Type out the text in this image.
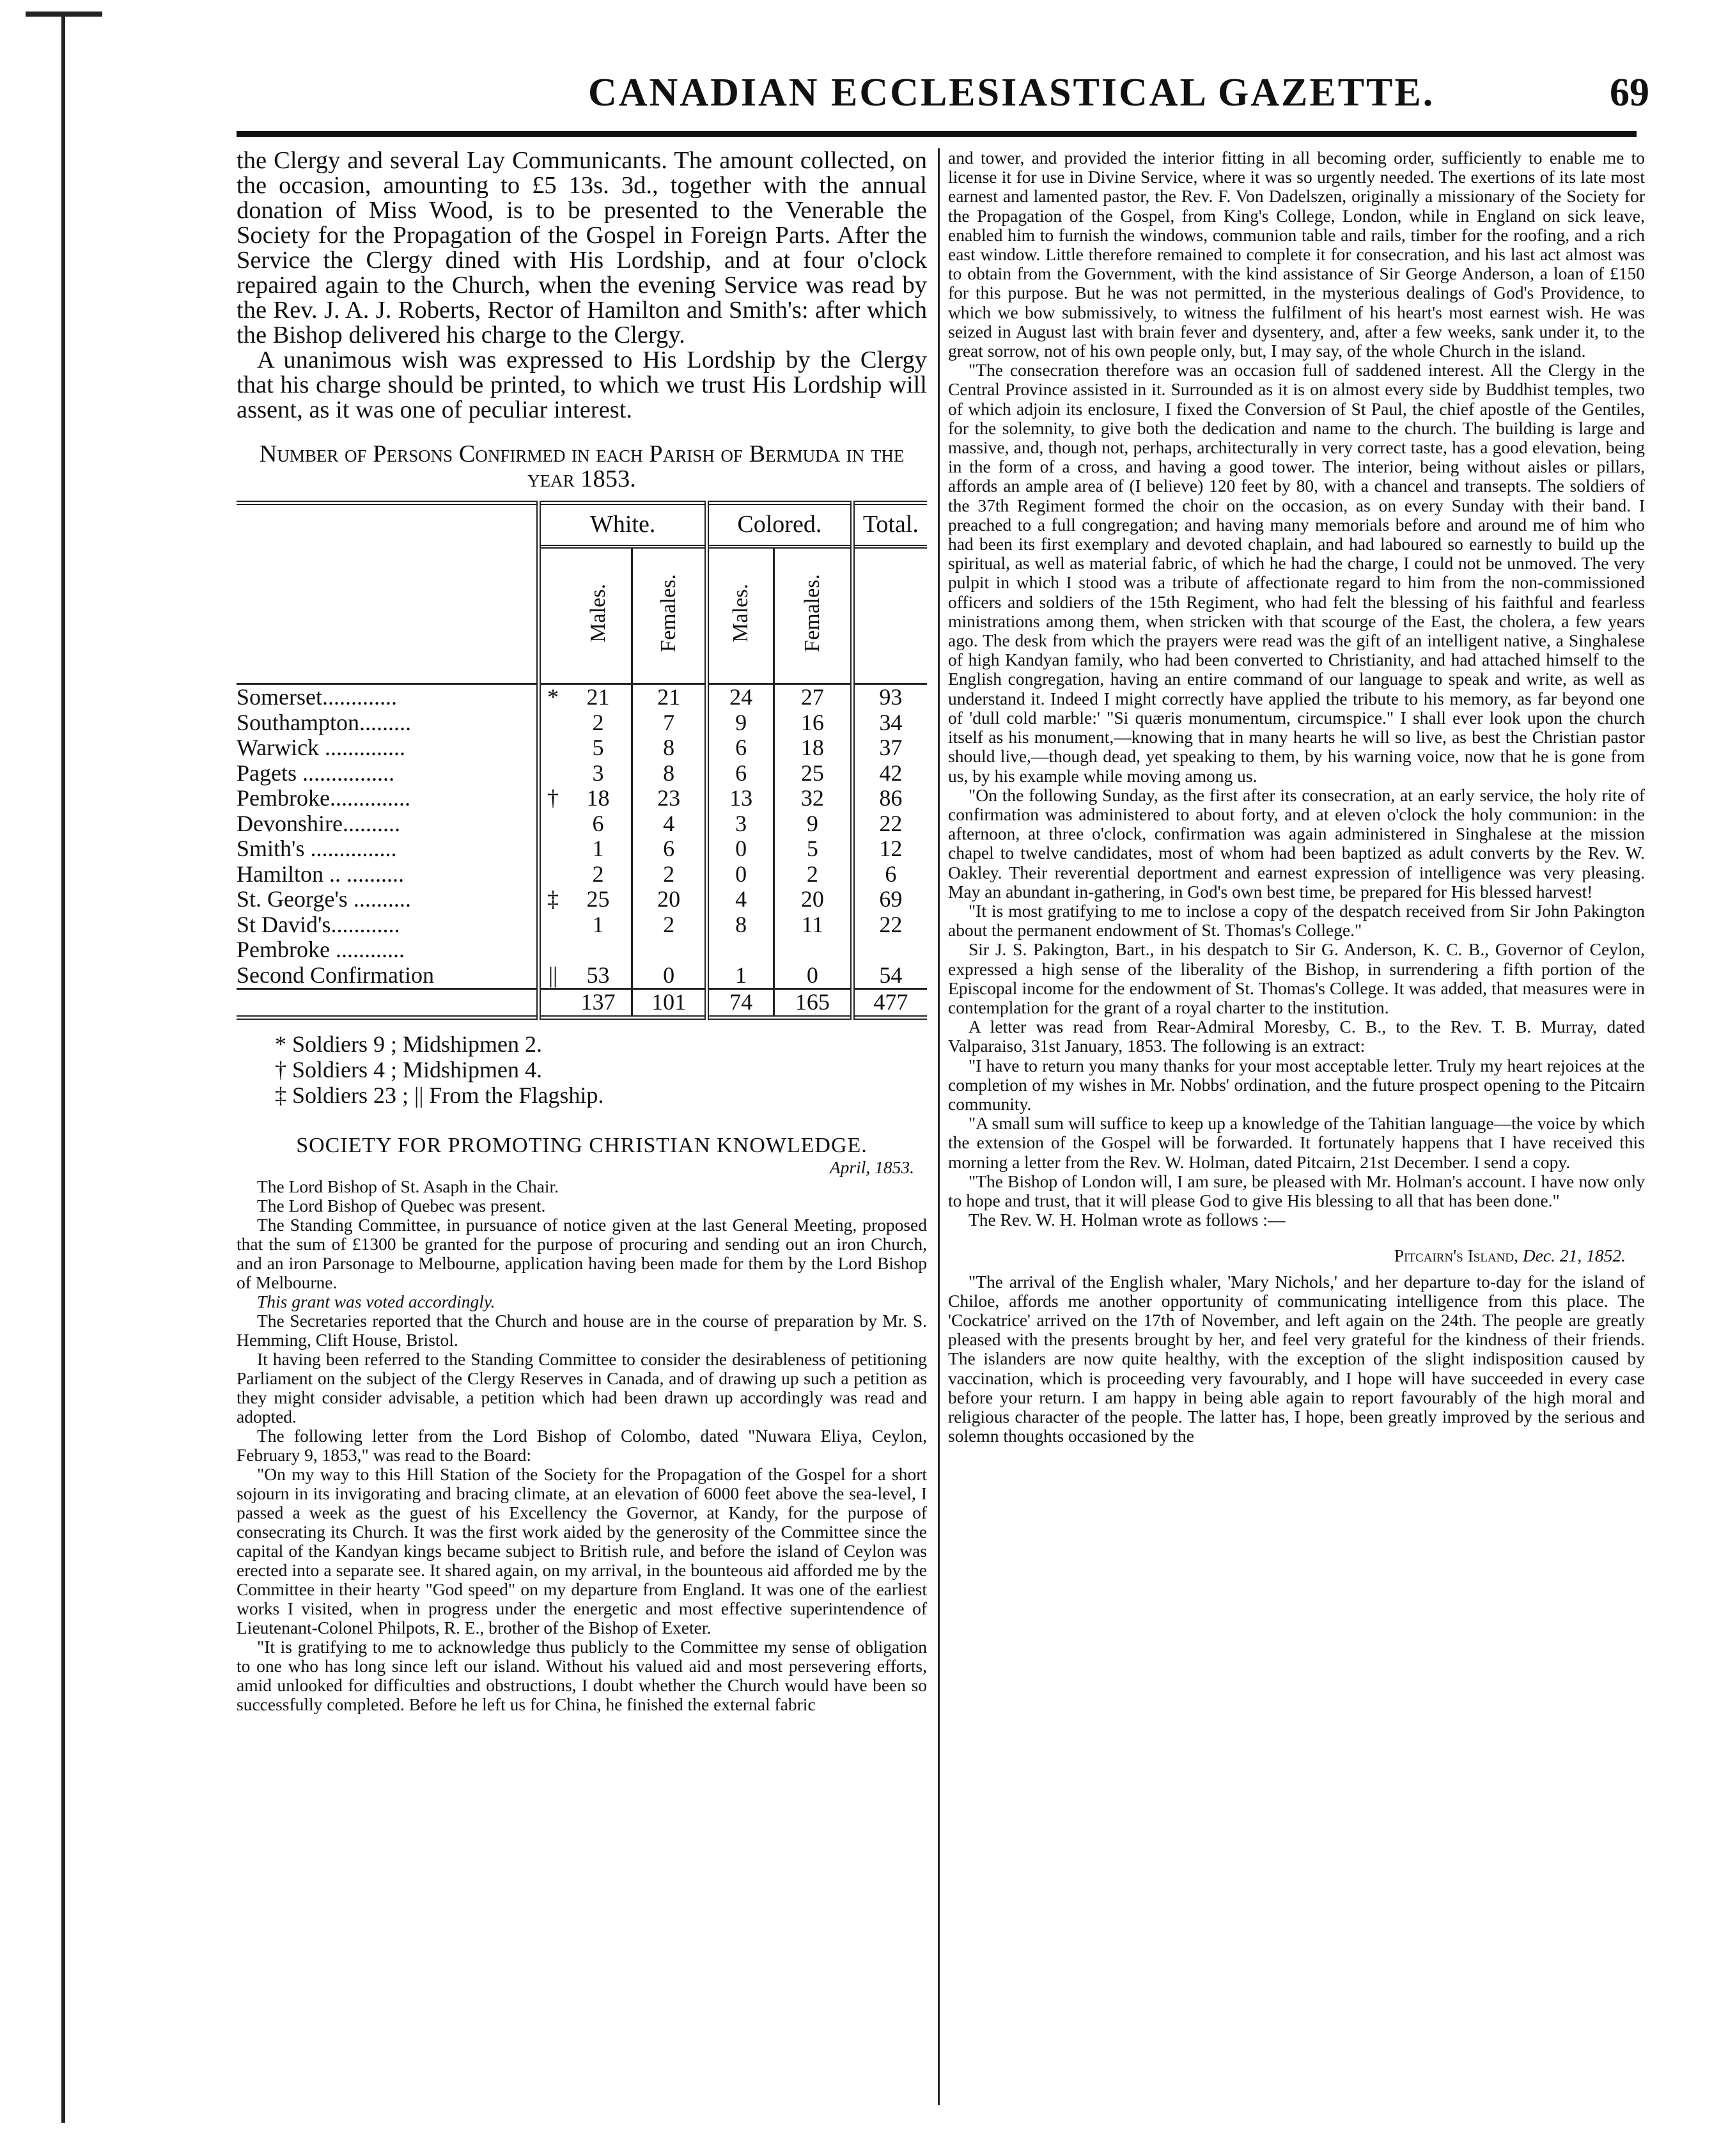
CANADIAN ECCLESIASTICAL GAZETTE.	69

the Clergy and several Lay Communicants. The amount collected, on the occasion, amounting to £5 13s. 3d., together with the annual donation of Miss Wood, is to be presented to the Venerable the Society for the Propagation of the Gospel in Foreign Parts. After the Service the Clergy dined with His Lordship, and at four o'clock repaired again to the Church, when the evening Service was read by the Rev. J. A. J. Roberts, Rector of Hamilton and Smith's: after which the Bishop delivered his charge to the Clergy.

A unanimous wish was expressed to His Lordship by the Clergy that his charge should be printed, to which we trust His Lordship will assent, as it was one of peculiar interest.

Number of Persons Confirmed in each Parish of Bermuda in the year 1853.

	White.			Colored.		Total.
		Males.	Females.	Males.	Females.	
Somerset.............	*	21	21	24	27	93
Southampton.........		2	7	9	16	34
Warwick ..............		5	8	6	18	37
Pagets ................		3	8	6	25	42
Pembroke..............	†	18	23	13	32	86
Devonshire..........		6	4	3	9	22
Smith's ...............		1	6	0	5	12
Hamilton .. ..........		2	2	0	2	6
St. George's ..........	‡	25	20	4	20	69
St David's............		1	2	8	11	22
Pembroke ............						
Second Confirmation	||	53	0	1	0	54
		137	101	74	165	477
* Soldiers 9 ; Midshipmen 2.
† Soldiers 4 ; Midshipmen 4.
‡ Soldiers 23 ; || From the Flagship.
SOCIETY FOR PROMOTING CHRISTIAN KNOWLEDGE.

April, 1853.

The Lord Bishop of St. Asaph in the Chair.

The Lord Bishop of Quebec was present.

The Standing Committee, in pursuance of notice given at the last General Meeting, proposed that the sum of £1300 be granted for the purpose of procuring and sending out an iron Church, and an iron Parsonage to Melbourne, application having been made for them by the Lord Bishop of Melbourne.

This grant was voted accordingly.

The Secretaries reported that the Church and house are in the course of preparation by Mr. S. Hemming, Clift House, Bristol.

It having been referred to the Standing Committee to consider the desirableness of petitioning Parliament on the subject of the Clergy Reserves in Canada, and of drawing up such a petition as they might consider advisable, a petition which had been drawn up accordingly was read and adopted.

The following letter from the Lord Bishop of Colombo, dated "Nuwara Eliya, Ceylon, February 9, 1853," was read to the Board:

"On my way to this Hill Station of the Society for the Propagation of the Gospel for a short sojourn in its invigorating and bracing climate, at an elevation of 6000 feet above the sea-level, I passed a week as the guest of his Excellency the Governor, at Kandy, for the purpose of consecrating its Church. It was the first work aided by the generosity of the Committee since the capital of the Kandyan kings became subject to British rule, and before the island of Ceylon was erected into a separate see. It shared again, on my arrival, in the bounteous aid afforded me by the Committee in their hearty "God speed" on my departure from England. It was one of the earliest works I visited, when in progress under the energetic and most effective superintendence of Lieutenant-Colonel Philpots, R. E., brother of the Bishop of Exeter.

"It is gratifying to me to acknowledge thus publicly to the Committee my sense of obligation to one who has long since left our island. Without his valued aid and most persevering efforts, amid unlooked for difficulties and obstructions, I doubt whether the Church would have been so successfully completed. Before he left us for China, he finished the external fabric

and tower, and provided the interior fitting in all becoming order, sufficiently to enable me to license it for use in Divine Service, where it was so urgently needed. The exertions of its late most earnest and lamented pastor, the Rev. F. Von Dadelszen, originally a missionary of the Society for the Propagation of the Gospel, from King's College, London, while in England on sick leave, enabled him to furnish the windows, communion table and rails, timber for the roofing, and a rich east window. Little therefore remained to complete it for consecration, and his last act almost was to obtain from the Government, with the kind assistance of Sir George Anderson, a loan of £150 for this purpose. But he was not permitted, in the mysterious dealings of God's Providence, to which we bow submissively, to witness the fulfilment of his heart's most earnest wish. He was seized in August last with brain fever and dysentery, and, after a few weeks, sank under it, to the great sorrow, not of his own people only, but, I may say, of the whole Church in the island.

"The consecration therefore was an occasion full of saddened interest. All the Clergy in the Central Province assisted in it. Surrounded as it is on almost every side by Buddhist temples, two of which adjoin its enclosure, I fixed the Conversion of St Paul, the chief apostle of the Gentiles, for the solemnity, to give both the dedication and name to the church. The building is large and massive, and, though not, perhaps, architecturally in very correct taste, has a good elevation, being in the form of a cross, and having a good tower. The interior, being without aisles or pillars, affords an ample area of (I believe) 120 feet by 80, with a chancel and transepts. The soldiers of the 37th Regiment formed the choir on the occasion, as on every Sunday with their band. I preached to a full congregation; and having many memorials before and around me of him who had been its first exemplary and devoted chaplain, and had laboured so earnestly to build up the spiritual, as well as material fabric, of which he had the charge, I could not be unmoved. The very pulpit in which I stood was a tribute of affectionate regard to him from the non-commissioned officers and soldiers of the 15th Regiment, who had felt the blessing of his faithful and fearless ministrations among them, when stricken with that scourge of the East, the cholera, a few years ago. The desk from which the prayers were read was the gift of an intelligent native, a Singhalese of high Kandyan family, who had been converted to Christianity, and had attached himself to the English congregation, having an entire command of our language to speak and write, as well as understand it. Indeed I might correctly have applied the tribute to his memory, as far beyond one of 'dull cold marble:' "Si quæris monumentum, circumspice." I shall ever look upon the church itself as his monument,—knowing that in many hearts he will so live, as best the Christian pastor should live,—though dead, yet speaking to them, by his warning voice, now that he is gone from us, by his example while moving among us.

"On the following Sunday, as the first after its consecration, at an early service, the holy rite of confirmation was administered to about forty, and at eleven o'clock the holy communion: in the afternoon, at three o'clock, confirmation was again administered in Singhalese at the mission chapel to twelve candidates, most of whom had been baptized as adult converts by the Rev. W. Oakley. Their reverential deportment and earnest expression of intelligence was very pleasing. May an abundant in-gathering, in God's own best time, be prepared for His blessed harvest!

"It is most gratifying to me to inclose a copy of the despatch received from Sir John Pakington about the permanent endowment of St. Thomas's College."

Sir J. S. Pakington, Bart., in his despatch to Sir G. Anderson, K. C. B., Governor of Ceylon, expressed a high sense of the liberality of the Bishop, in surrendering a fifth portion of the Episcopal income for the endowment of St. Thomas's College. It was added, that measures were in contemplation for the grant of a royal charter to the institution.

A letter was read from Rear-Admiral Moresby, C. B., to the Rev. T. B. Murray, dated Valparaiso, 31st January, 1853. The following is an extract:

"I have to return you many thanks for your most acceptable letter. Truly my heart rejoices at the completion of my wishes in Mr. Nobbs' ordination, and the future prospect opening to the Pitcairn community.

"A small sum will suffice to keep up a knowledge of the Tahitian language—the voice by which the extension of the Gospel will be forwarded. It fortunately happens that I have received this morning a letter from the Rev. W. Holman, dated Pitcairn, 21st December. I send a copy.

"The Bishop of London will, I am sure, be pleased with Mr. Holman's account. I have now only to hope and trust, that it will please God to give His blessing to all that has been done."

The Rev. W. H. Holman wrote as follows :—

Pitcairn's Island, Dec. 21, 1852.

"The arrival of the English whaler, 'Mary Nichols,' and her departure to-day for the island of Chiloe, affords me another opportunity of communicating intelligence from this place. The 'Cockatrice' arrived on the 17th of November, and left again on the 24th. The people are greatly pleased with the presents brought by her, and feel very grateful for the kindness of their friends. The islanders are now quite healthy, with the exception of the slight indisposition caused by vaccination, which is proceeding very favourably, and I hope will have succeeded in every case before your return. I am happy in being able again to report favourably of the high moral and religious character of the people. The latter has, I hope, been greatly improved by the serious and solemn thoughts occasioned by the
